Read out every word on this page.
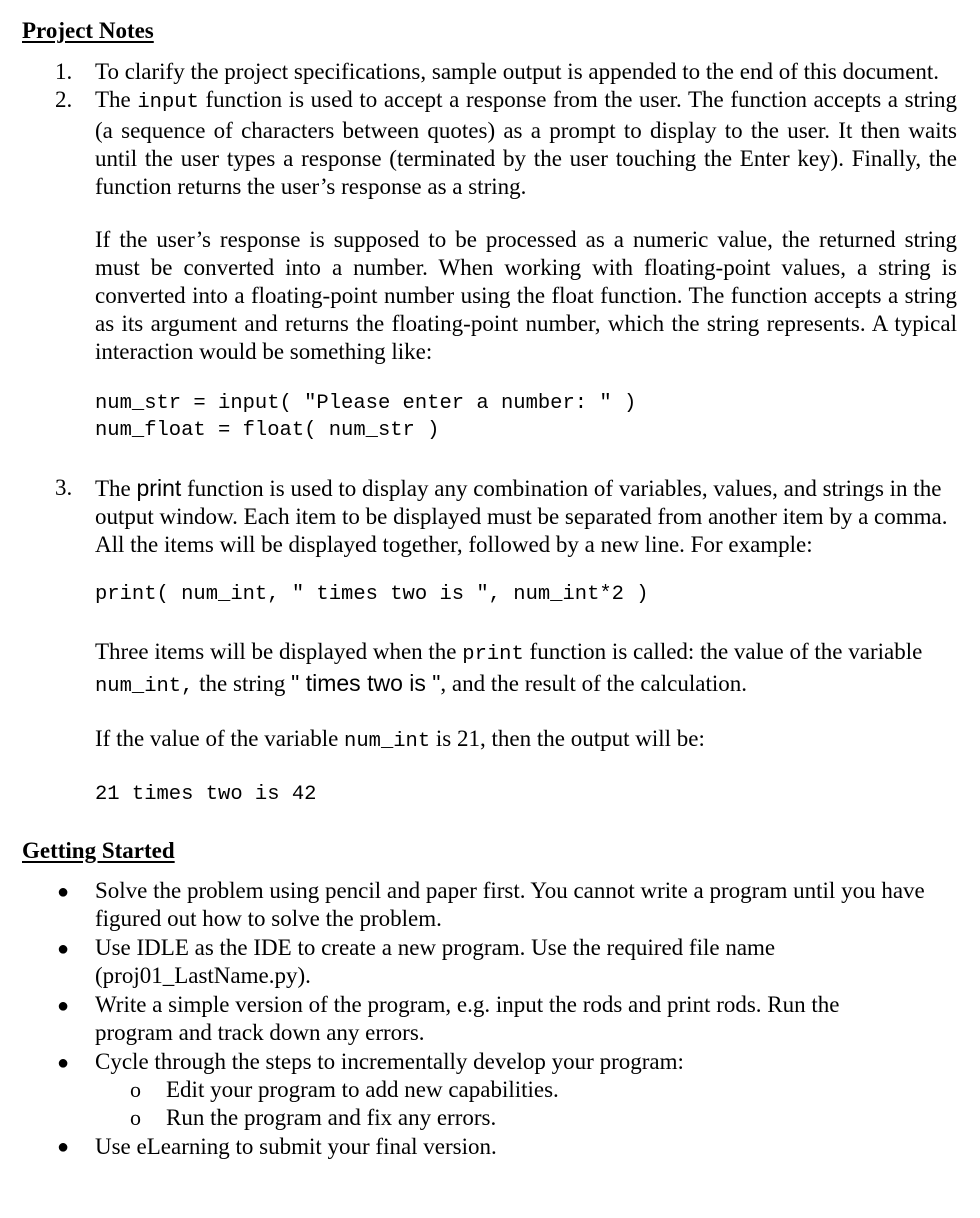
Project Notes
1. To clarify the project specifications, sample output is appended to the end of this document.

2. The input function is used to accept a response from the user. The function accepts a string (a sequence of characters between quotes) as a prompt to display to the user. It then waits until the user types a response (terminated by the user touching the Enter key). Finally, the function returns the user’s response as a string.

If the user’s response is supposed to be processed as a numeric value, the returned string must be converted into a number. When working with floating-point values, a string is converted into a floating-point number using the float function. The function accepts a string as its argument and returns the floating-point number, which the string represents. A typical interaction would be something like:

num_str = input( "Please enter a number: " )
num_float = float( num_str )
3. The print function is used to display any combination of variables, values, and strings in the output window. Each item to be displayed must be separated from another item by a comma. All the items will be displayed together, followed by a new line. For example:

print( num_int, " times two is ", num_int*2 )

Three items will be displayed when the print function is called: the value of the variable num_int, the string " times two is ", and the result of the calculation.

If the value of the variable num_int is 21, then the output will be:

21 times two is 42
Getting Started
● Solve the problem using pencil and paper first. You cannot write a program until you have figured out how to solve the problem.

● Use IDLE as the IDE to create a new program. Use the required file name (proj01_LastName.py).

● Write a simple version of the program, e.g. input the rods and print rods. Run the program and track down any errors.

● Cycle through the steps to incrementally develop your program:

o Edit your program to add new capabilities.

o Run the program and fix any errors.

● Use eLearning to submit your final version.
